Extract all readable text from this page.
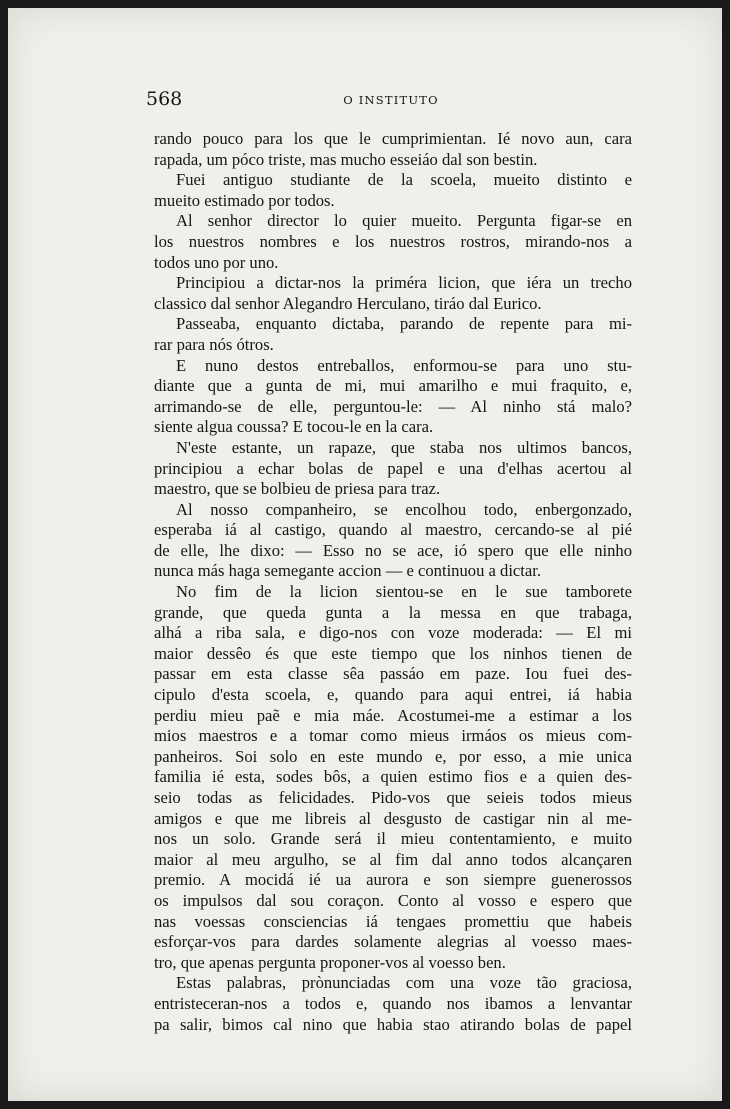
568	O INSTITUTO
rando pouco para los que le cumprimientan. Ié novo aun, cara
rapada, um póco triste, mas mucho esseiáo dal son bestin.
Fuei antiguo studiante de la scoela, mueito distinto e
mueito estimado por todos.
Al senhor director lo quier mueito. Pergunta figar-se en
los nuestros nombres e los nuestros rostros, mirando-nos a
todos uno por uno.
Principiou a dictar-nos la priméra licion, que iéra un trecho
classico dal senhor Alegandro Herculano, tiráo dal Eurico.
Passeaba, enquanto dictaba, parando de repente para mi-
rar para nós ótros.
E nuno destos entreballos, enformou-se para uno stu-
diante que a gunta de mi, mui amarilho e mui fraquito, e,
arrimando-se de elle, perguntou-le: — Al ninho stá malo?
siente algua coussa? E tocou-le en la cara.
N'este estante, un rapaze, que staba nos ultimos bancos,
principiou a echar bolas de papel e una d'elhas acertou al
maestro, que se bolbieu de priesa para traz.
Al nosso companheiro, se encolhou todo, enbergonzado,
esperaba iá al castigo, quando al maestro, cercando-se al pié
de elle, lhe dixo: — Esso no se ace, ió spero que elle ninho
nunca más haga semegante accion — e continuou a dictar.
No fim de la licion sientou-se en le sue tamborete
grande, que queda gunta a la messa en que trabaga,
alhá a riba sala, e digo-nos con voze moderada: — El mi
maior dessêo és que este tiempo que los ninhos tienen de
passar em esta classe sêa passáo em paze. Iou fuei des-
cipulo d'esta scoela, e, quando para aqui entrei, iá habia
perdiu mieu paẽ e mia máe. Acostumei-me a estimar a los
mios maestros e a tomar como mieus irmáos os mieus com-
panheiros. Soi solo en este mundo e, por esso, a mie unica
familia ié esta, sodes bôs, a quien estimo fios e a quien des-
seio todas as felicidades. Pido-vos que seieis todos mieus
amigos e que me libreis al desgusto de castigar nin al me-
nos un solo. Grande será il mieu contentamiento, e muito
maior al meu argulho, se al fim dal anno todos alcançaren
premio. A mocidá ié ua aurora e son siempre guenerossos
os impulsos dal sou coraçon. Conto al vosso e espero que
nas voessas consciencias iá tengaes promettiu que habeis
esforçar-vos para dardes solamente alegrias al voesso maes-
tro, que apenas pergunta proponer-vos al voesso ben.
Estas palabras, prònunciadas com una voze tão graciosa,
entristeceran-nos a todos e, quando nos ibamos a lenvantar
pa salir, bimos cal nino que habia stao atirando bolas de papel
